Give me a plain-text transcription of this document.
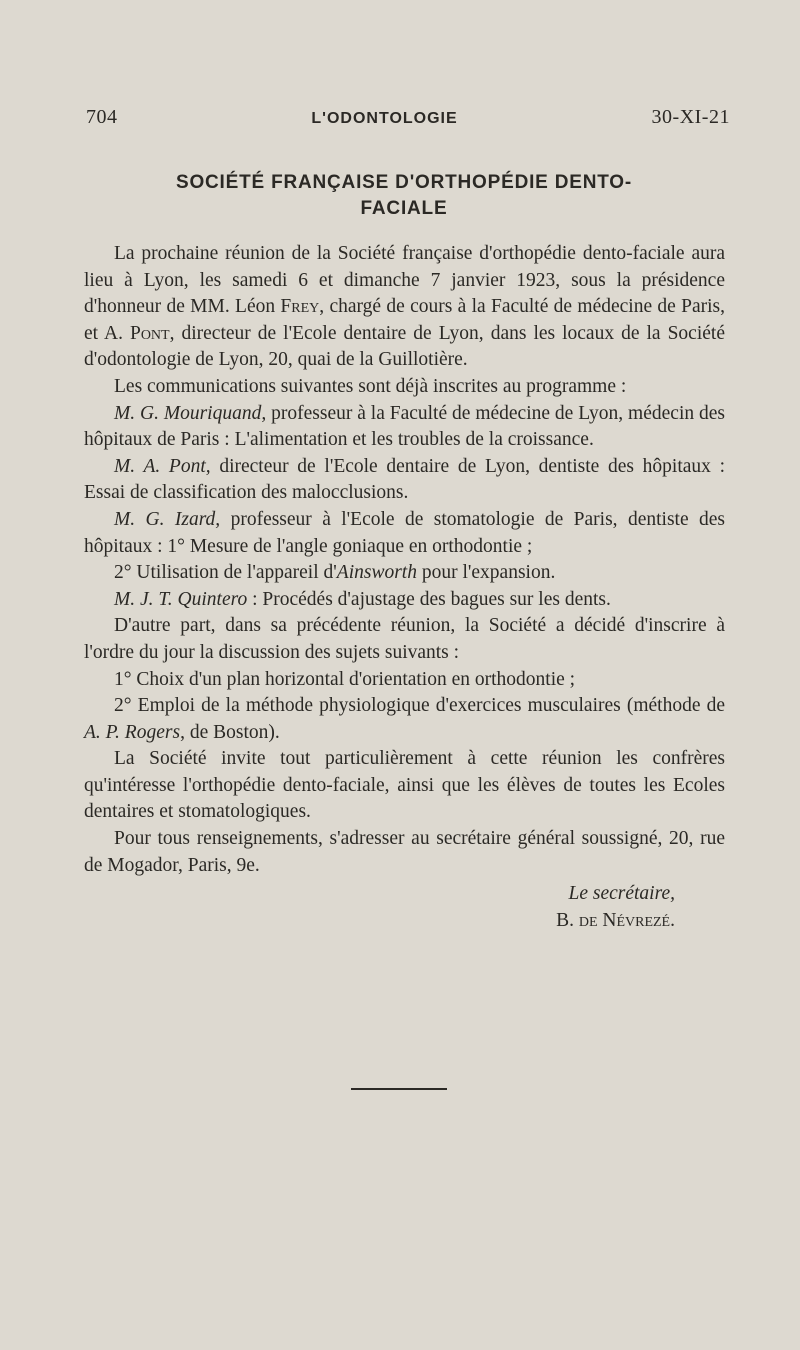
704	L'ODONTOLOGIE	30-XI-21
SOCIÉTÉ FRANÇAISE D'ORTHOPÉDIE DENTO-
FACIALE

La prochaine réunion de la Société française d'orthopédie dento-faciale aura lieu à Lyon, les samedi 6 et dimanche 7 janvier 1923, sous la présidence d'honneur de MM. Léon Frey, chargé de cours à la Faculté de médecine de Paris, et A. Pont, directeur de l'Ecole dentaire de Lyon, dans les locaux de la Société d'odontologie de Lyon, 20, quai de la Guillotière.

Les communications suivantes sont déjà inscrites au programme :

M. G. Mouriquand, professeur à la Faculté de médecine de Lyon, médecin des hôpitaux de Paris : L'alimentation et les troubles de la croissance.

M. A. Pont, directeur de l'Ecole dentaire de Lyon, dentiste des hôpitaux : Essai de classification des malocclusions.

M. G. Izard, professeur à l'Ecole de stomatologie de Paris, dentiste des hôpitaux : 1° Mesure de l'angle goniaque en orthodontie ;

2° Utilisation de l'appareil d'Ainsworth pour l'expansion.

M. J. T. Quintero : Procédés d'ajustage des bagues sur les dents.

D'autre part, dans sa précédente réunion, la Société a décidé d'inscrire à l'ordre du jour la discussion des sujets suivants :

1° Choix d'un plan horizontal d'orientation en orthodontie ;

2° Emploi de la méthode physiologique d'exercices musculaires (méthode de A. P. Rogers, de Boston).

La Société invite tout particulièrement à cette réunion les confrères qu'intéresse l'orthopédie dento-faciale, ainsi que les élèves de toutes les Ecoles dentaires et stomatologiques.

Pour tous renseignements, s'adresser au secrétaire général soussigné, 20, rue de Mogador, Paris, 9e.

Le secrétaire,
B. de Névrezé.
